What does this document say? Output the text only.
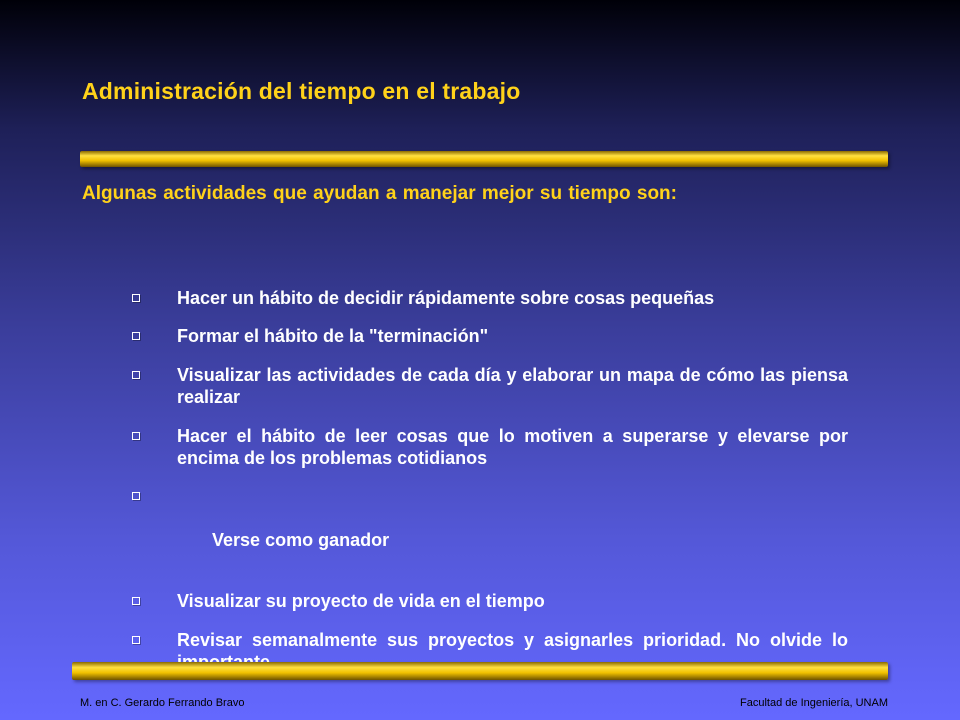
Administración del tiempo en el trabajo
Algunas actividades que ayudan a manejar mejor su tiempo son:
Hacer un hábito de decidir rápidamente sobre cosas pequeñas
Formar el hábito de la "terminación"
Visualizar las actividades de cada día y elaborar un mapa de cómo las piensa realizar
Hacer el hábito de leer cosas que lo motiven a superarse y elevarse por encima de los problemas cotidianos

Verse como ganador

Visualizar su proyecto de vida en el tiempo
Revisar semanalmente sus proyectos y asignarles prioridad. No olvide lo
M. en C. Gerardo Ferrando Bravo	Facultad de Ingeniería, UNAM
